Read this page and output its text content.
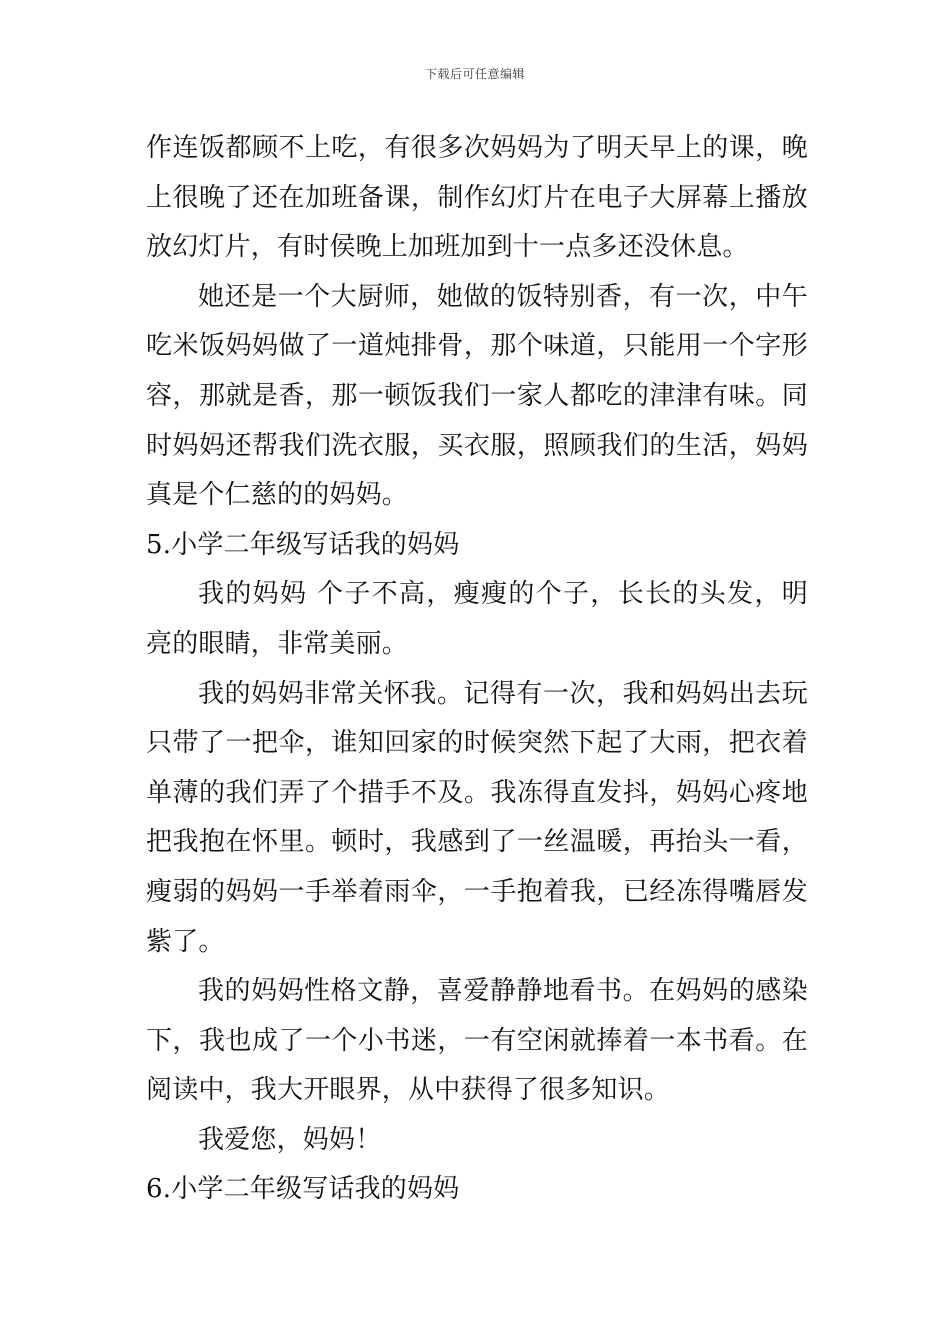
下载后可任意编辑

作连饭都顾不上吃，有很多次妈妈为了明天早上的课，晚上很晚了还在加班备课，制作幻灯片在电子大屏幕上播放放幻灯片，有时侯晚上加班加到十一点多还没休息。

她还是一个大厨师，她做的饭特别香，有一次，中午吃米饭妈妈做了一道炖排骨，那个味道，只能用一个字形容，那就是香，那一顿饭我们一家人都吃的津津有味。同时妈妈还帮我们洗衣服，买衣服，照顾我们的生活，妈妈真是个仁慈的的妈妈。

5.小学二年级写话我的妈妈

我的妈妈 个子不高，瘦瘦的个子，长长的头发，明亮的眼睛，非常美丽。

我的妈妈非常关怀我。记得有一次，我和妈妈出去玩只带了一把伞，谁知回家的时候突然下起了大雨，把衣着单薄的我们弄了个措手不及。我冻得直发抖，妈妈心疼地把我抱在怀里。顿时，我感到了一丝温暖，再抬头一看，瘦弱的妈妈一手举着雨伞，一手抱着我，已经冻得嘴唇发紫了。

我的妈妈性格文静，喜爱静静地看书。在妈妈的感染下，我也成了一个小书迷，一有空闲就捧着一本书看。在阅读中，我大开眼界，从中获得了很多知识。

我爱您，妈妈！

6.小学二年级写话我的妈妈
